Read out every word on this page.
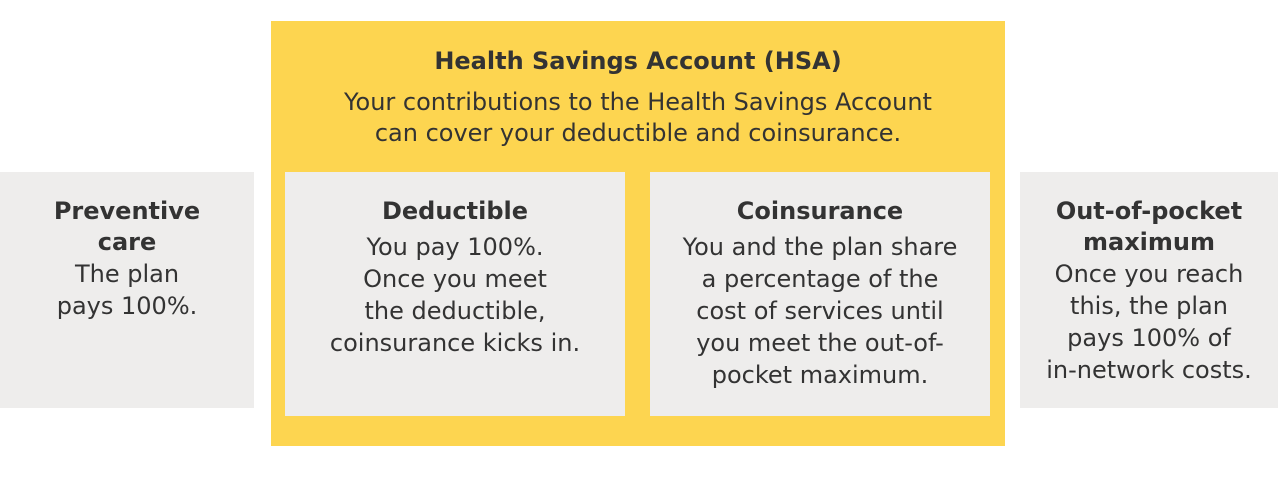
Preventive
care
The plan
pays 100%.
Health Savings Account (HSA)
Your contributions to the Health Savings Account
can cover your deductible and coinsurance.
Deductible
You pay 100%.
Once you meet
the deductible,
coinsurance kicks in.
Coinsurance
You and the plan share
a percentage of the
cost of services until
you meet the out-of-
pocket maximum.
Out-of-pocket
maximum
Once you reach
this, the plan
pays 100% of
in-network costs.
